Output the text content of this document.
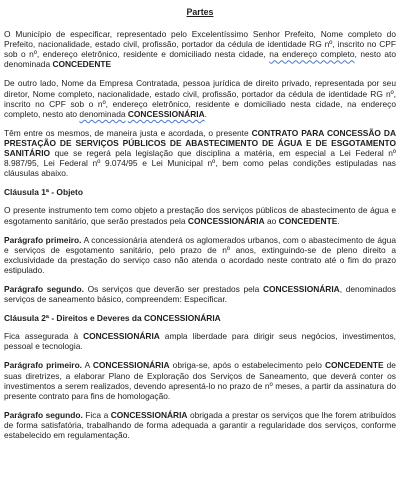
Partes

O Município de especificar, representado pelo Excelentíssimo Senhor Prefeito, Nome completo do Prefeito, nacionalidade, estado civil, profissão, portador da cédula de identidade RG nº, inscrito no CPF sob o nº, endereço eletrônico, residente e domiciliado nesta cidade, na endereço completo, nesto ato denominada CONCEDENTE

De outro lado, Nome da Empresa Contratada, pessoa jurídica de direito privado, representada por seu diretor, Nome completo, nacionalidade, estado civil, profissão, portador da cédula de identidade RG nº, inscrito no CPF sob o nº, endereço eletrônico, residente e domiciliado nesta cidade, na endereço completo, nesto ato denominada CONCESSIONÁRIA.

Têm entre os mesmos, de maneira justa e acordada, o presente CONTRATO PARA CONCESSÃO DA PRESTAÇÃO DE SERVIÇOS PÚBLICOS DE ABASTECIMENTO DE ÁGUA E DE ESGOTAMENTO SANITÁRIO que se regerá pela legislação que disciplina a matéria, em especial a Lei Federal nº 8.987/95, Lei Federal nº 9.074/95 e Lei Municipal nº, bem como pelas condições estipuladas nas cláusulas abaixo.

Cláusula 1ª - Objeto

O presente instrumento tem como objeto a prestação dos serviços públicos de abastecimento de água e esgotamento sanitário, que serão prestados pela CONCESSIONÁRIA ao CONCEDENTE.

Parágrafo primeiro. A concessionária atenderá os aglomerados urbanos, com o abastecimento de água e serviços de esgotamento sanitário, pelo prazo de nº anos, extinguindo-se de pleno direito a exclusividade da prestação do serviço caso não atenda o acordado neste contrato até o fim do prazo estipulado.

Parágrafo segundo. Os serviços que deverão ser prestados pela CONCESSIONÁRIA, denominados serviços de saneamento básico, compreendem: Especificar.

Cláusula 2ª - Direitos e Deveres da CONCESSIONÁRIA

Fica assegurada à CONCESSIONÁRIA ampla liberdade para dirigir seus negócios, investimentos, pessoal e tecnologia.

Parágrafo primeiro. A CONCESSIONÁRIA obriga-se, após o estabelecimento pelo CONCEDENTE de suas diretrizes, a elaborar Plano de Exploração dos Serviços de Saneamento, que deverá conter os investimentos a serem realizados, devendo apresentá-lo no prazo de nº meses, a partir da assinatura do presente contrato para fins de homologação.

Parágrafo segundo. Fica a CONCESSIONÁRIA obrigada a prestar os serviços que lhe forem atribuídos de forma satisfatória, trabalhando de forma adequada a garantir a regularidade dos serviços, conforme estabelecido em regulamentação.
